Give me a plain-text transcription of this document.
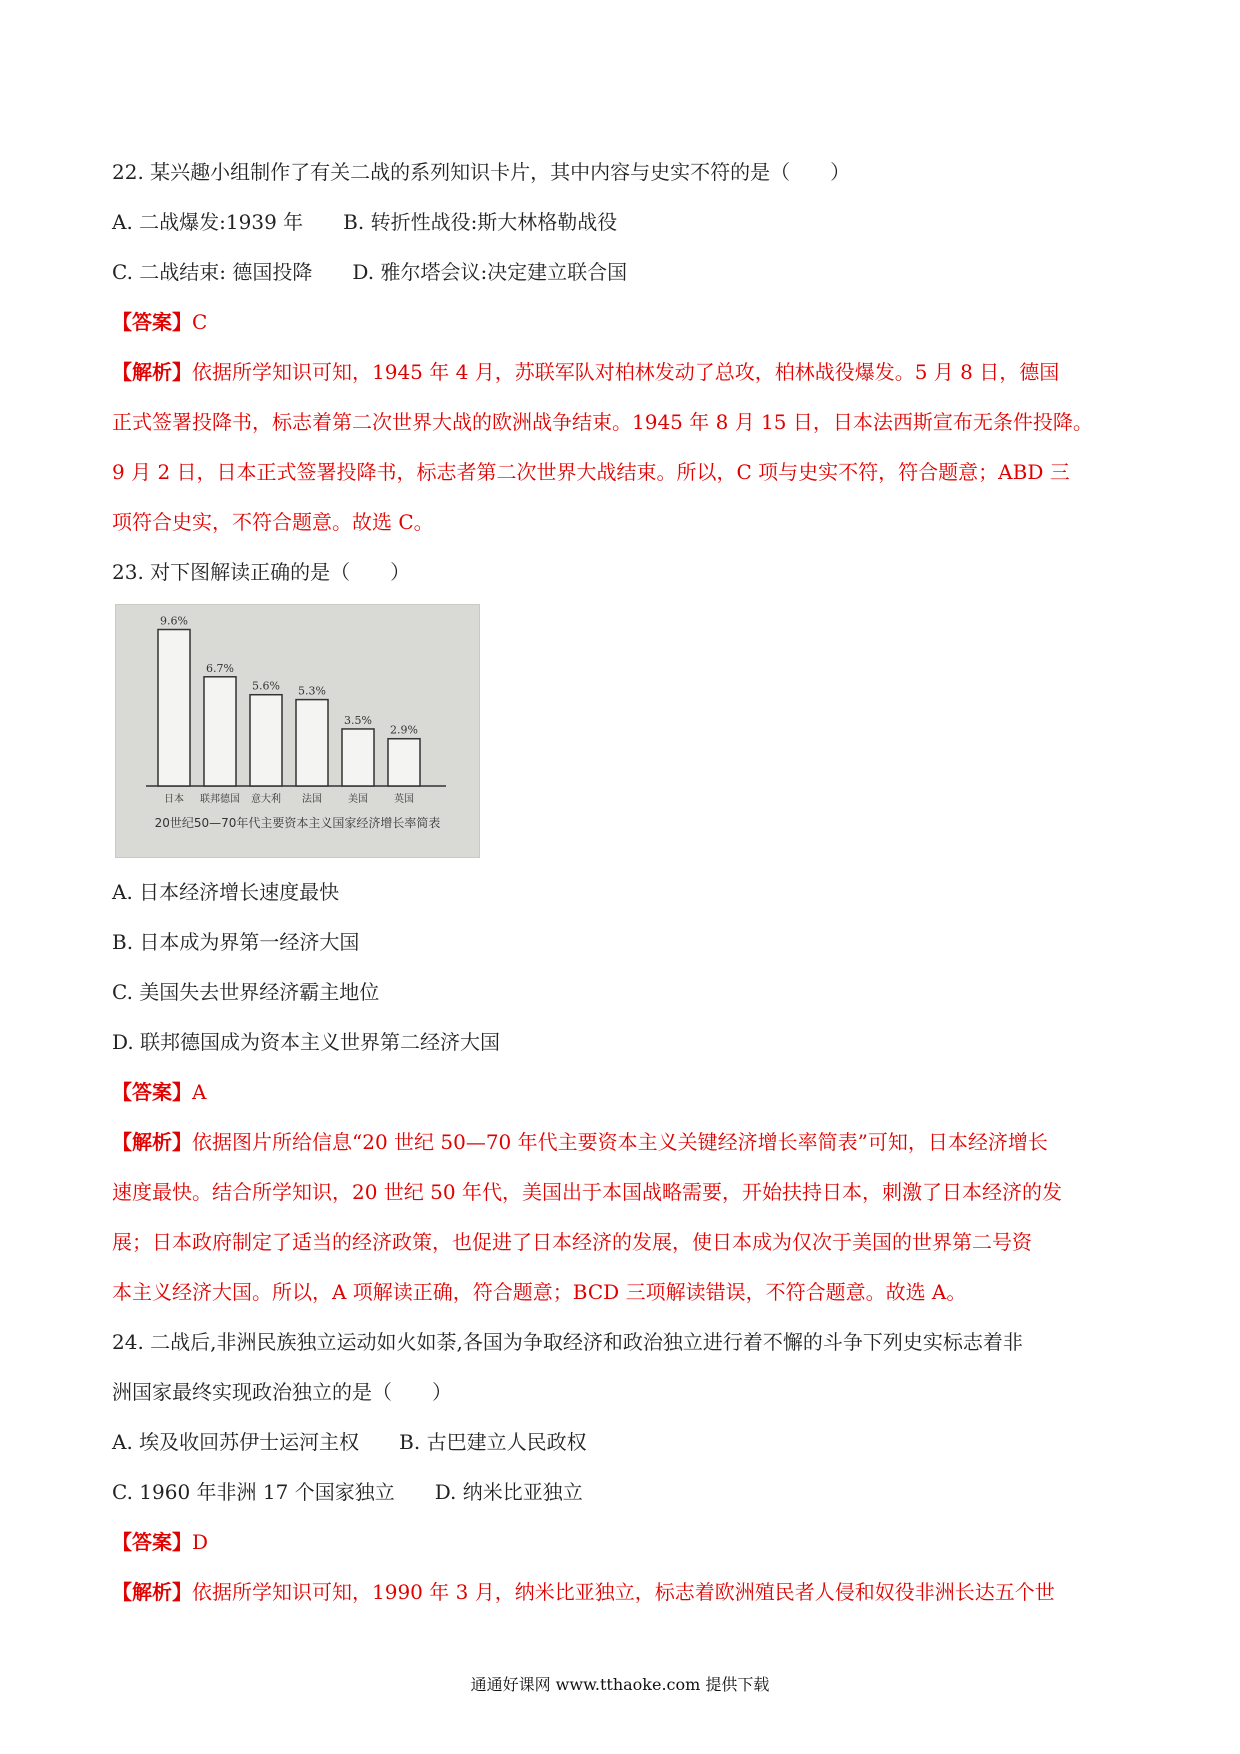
22. 某兴趣小组制作了有关二战的系列知识卡片，其中内容与史实不符的是（　　）
A. 二战爆发:1939 年 B. 转折性战役:斯大林格勒战役
C. 二战结束: 德国投降 D. 雅尔塔会议:决定建立联合国
【答案】C
【解析】依据所学知识可知，1945 年 4 月，苏联军队对柏林发动了总攻，柏林战役爆发。5 月 8 日，德国
正式签署投降书，标志着第二次世界大战的欧洲战争结束。1945 年 8 月 15 日，日本法西斯宣布无条件投降。
9 月 2 日，日本正式签署投降书，标志者第二次世界大战结束。所以，C 项与史实不符，符合题意；ABD 三
项符合史实，不符合题意。故选 C。
23. 对下图解读正确的是（　　）
9.6%
日本
6.7%
联邦德国
5.6%
意大利
5.3%
法国
3.5%
美国
2.9%
英国
20世纪50—70年代主要资本主义国家经济增长率简表
A. 日本经济增长速度最快
B. 日本成为界第一经济大国
C. 美国失去世界经济霸主地位
D. 联邦德国成为资本主义世界第二经济大国
【答案】A
【解析】依据图片所给信息“20 世纪 50—70 年代主要资本主义关键经济增长率简表”可知，日本经济增长
速度最快。结合所学知识，20 世纪 50 年代，美国出于本国战略需要，开始扶持日本，刺激了日本经济的发
展；日本政府制定了适当的经济政策，也促进了日本经济的发展，使日本成为仅次于美国的世界第二号资
本主义经济大国。所以，A 项解读正确，符合题意；BCD 三项解读错误，不符合题意。故选 A。
24. 二战后,非洲民族独立运动如火如荼,各国为争取经济和政治独立进行着不懈的斗争下列史实标志着非
洲国家最终实现政治独立的是（　　）
A. 埃及收回苏伊士运河主权 B. 古巴建立人民政权
C. 1960 年非洲 17 个国家独立 D. 纳米比亚独立
【答案】D
【解析】依据所学知识可知，1990 年 3 月，纳米比亚独立，标志着欧洲殖民者人侵和奴役非洲长达五个世
通通好课网 www.tthaoke.com 提供下载
